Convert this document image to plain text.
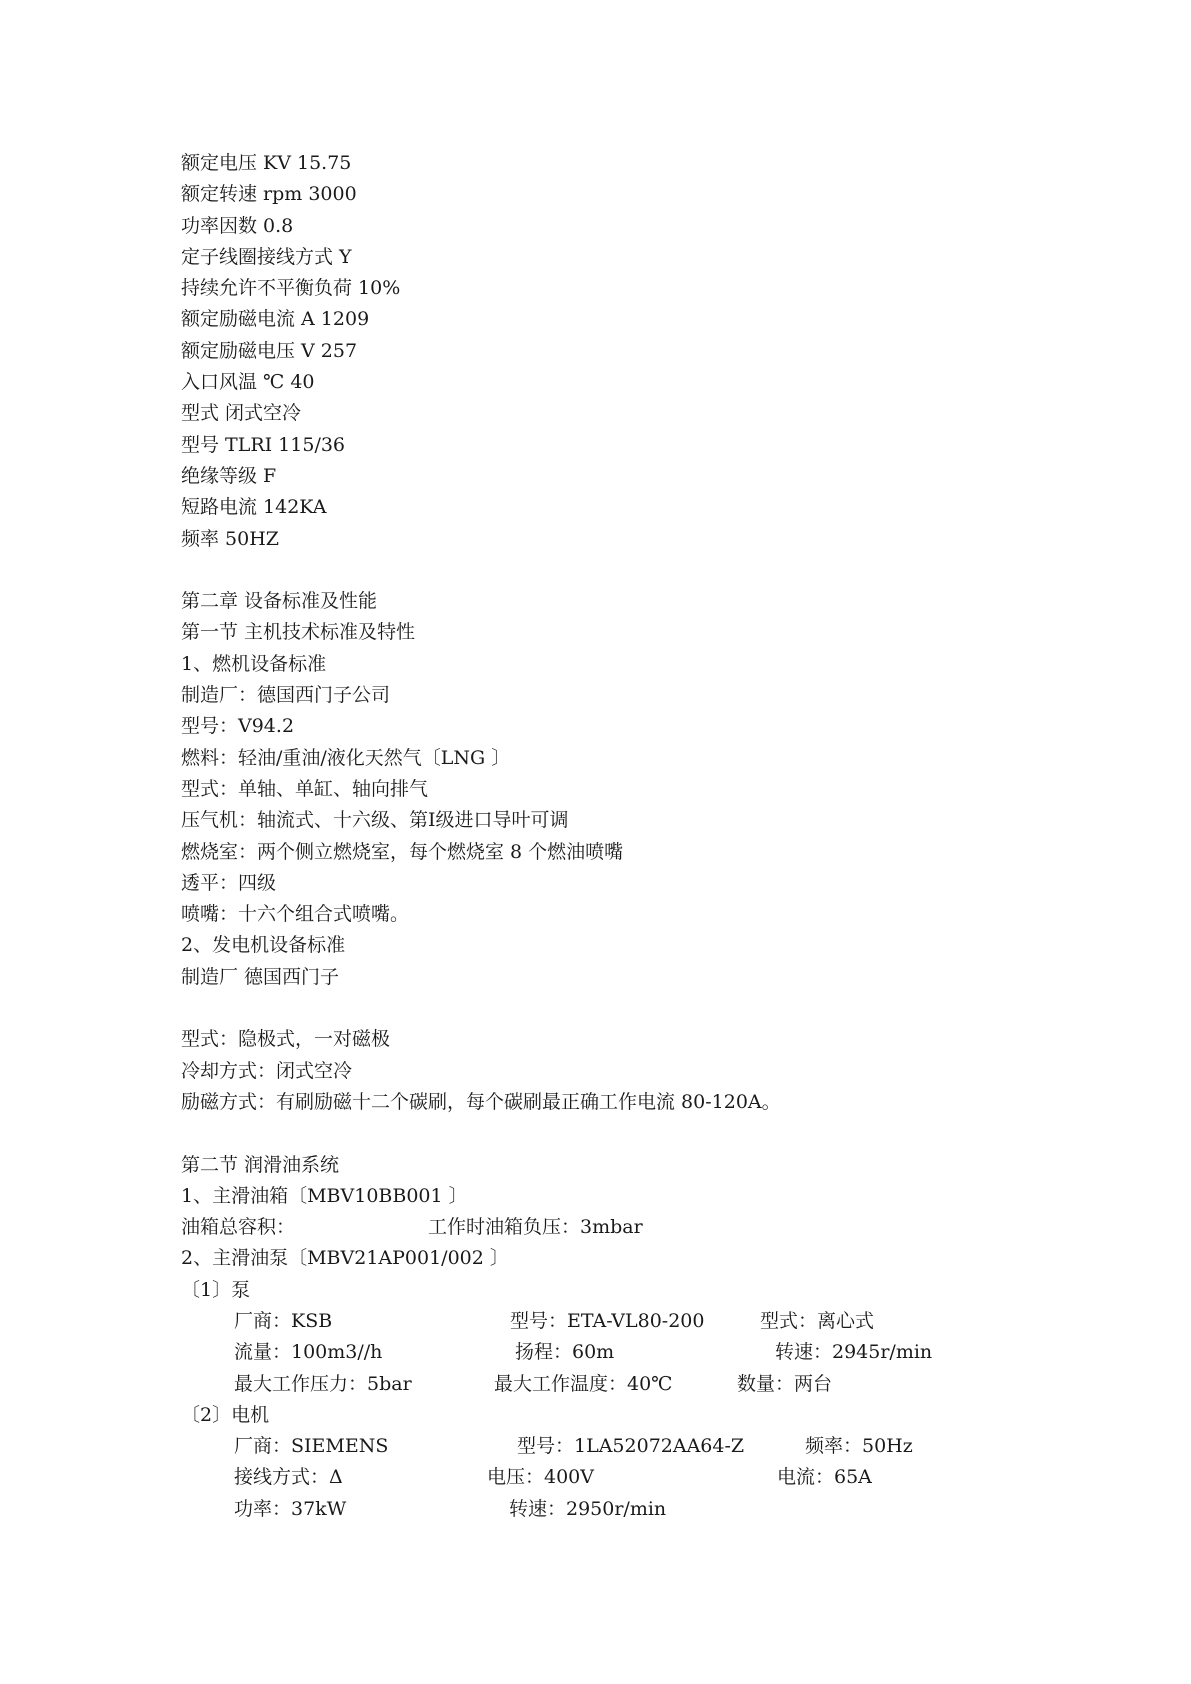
额定电压 KV 15.75
额定转速 rpm 3000
功率因数 0.8
定子线圈接线方式 Y
持续允许不平衡负荷 10%
额定励磁电流 A 1209
额定励磁电压 V 257
入口风温 ℃ 40
型式 闭式空冷
型号 TLRI 115/36
绝缘等级 F
短路电流 142KA
频率 50HZ
第二章 设备标准及性能
第一节 主机技术标准及特性
1、燃机设备标准
制造厂：德国西门子公司
型号：V94.2
燃料：轻油/重油/液化天然气〔LNG 〕
型式：单轴、单缸、轴向排气
压气机：轴流式、十六级、第Ⅰ级进口导叶可调
燃烧室：两个侧立燃烧室，每个燃烧室 8 个燃油喷嘴
透平：四级
喷嘴：十六个组合式喷嘴。
2、发电机设备标准
制造厂 德国西门子
型式：隐极式，一对磁极
冷却方式：闭式空冷
励磁方式：有刷励磁十二个碳刷，每个碳刷最正确工作电流 80-120A。
第二节 润滑油系统
1、主滑油箱〔MBV10BB001 〕
油箱总容积：	工作时油箱负压：3mbar
2、主滑油泵〔MBV21AP001/002 〕
〔1〕泵
厂商：KSB	型号：ETA-VL80-200	型式：离心式
流量：100m3//h	扬程：60m	转速：2945r/min
最大工作压力：5bar	最大工作温度：40℃	数量：两台
〔2〕电机
厂商：SIEMENS	型号：1LA52072AA64-Z	频率：50Hz
接线方式：Δ	电压：400V	电流：65A
功率：37kW	转速：2950r/min
